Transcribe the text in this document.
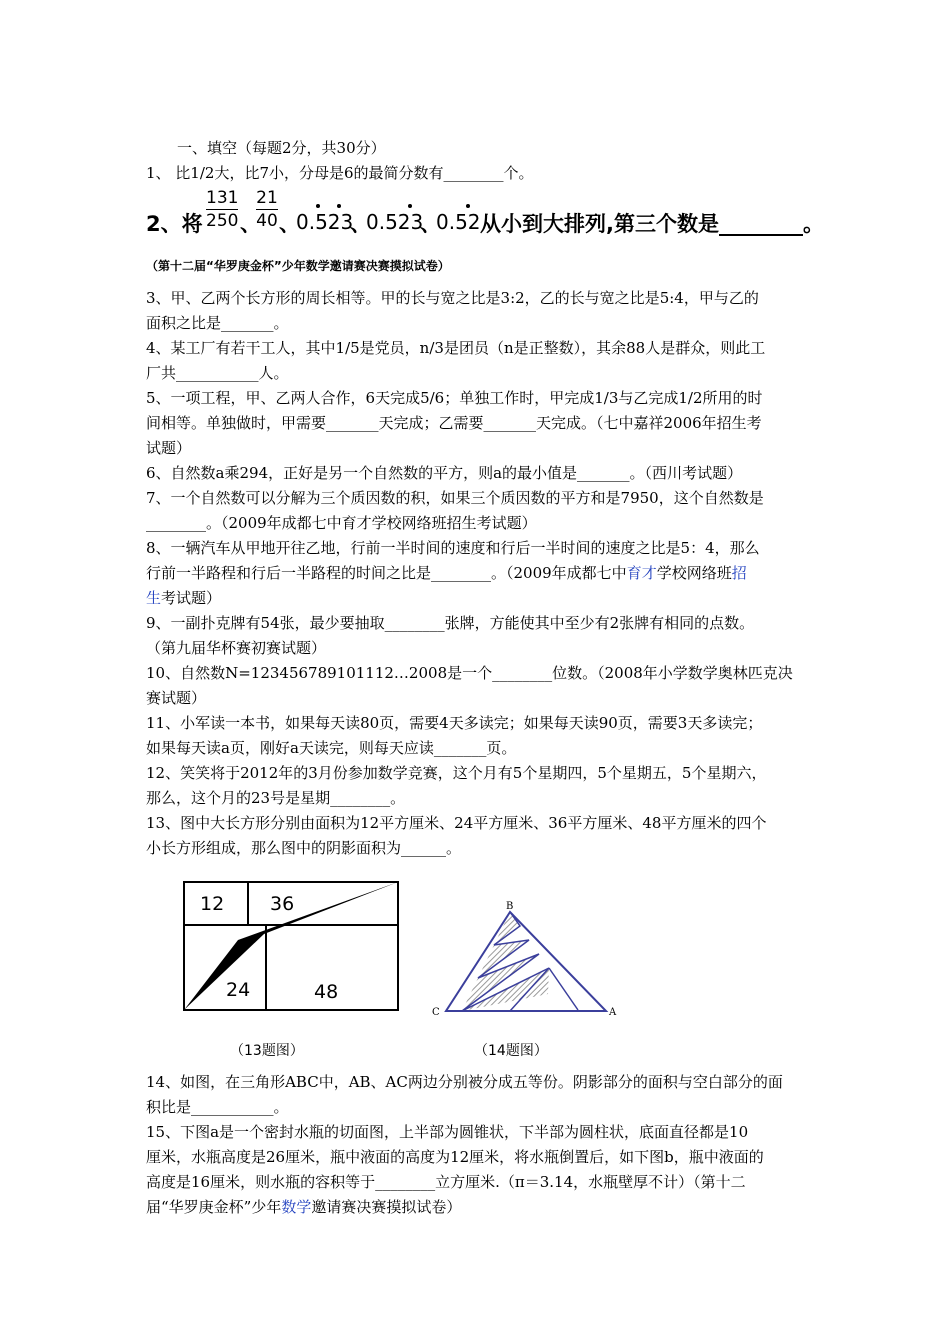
一、填空（每题2分，共30分）
1、 比1/2大，比7小，分母是6的最简分数有________个。
2、将
131
250 、
21
40 、
0.523
、
0.523
、
0.52 从小到大排列,第三个数是________。
（第十二届“华罗庚金杯”少年数学邀请赛决赛摸拟试卷）
3、甲、乙两个长方形的周长相等。甲的长与宽之比是3:2，乙的长与宽之比是5:4，甲与乙的
面积之比是_______。
4、某工厂有若干工人，其中1/5是党员，n/3是团员（n是正整数），其余88人是群众，则此工
厂共___________人。
5、一项工程，甲、乙两人合作，6天完成5/6；单独工作时，甲完成1/3与乙完成1/2所用的时
间相等。单独做时，甲需要_______天完成；乙需要_______天完成。（七中嘉祥2006年招生考
试题）
6、自然数a乘294，正好是另一个自然数的平方，则a的最小值是_______。（西川考试题）
7、一个自然数可以分解为三个质因数的积，如果三个质因数的平方和是7950，这个自然数是
________。（2009年成都七中育才学校网络班招生考试题）
8、一辆汽车从甲地开往乙地，行前一半时间的速度和行后一半时间的速度之比是5：4，那么
行前一半路程和行后一半路程的时间之比是________。（2009年成都七中育才学校网络班招
生考试题）
9、一副扑克牌有54张，最少要抽取________张牌，方能使其中至少有2张牌有相同的点数。
（第九届华杯赛初赛试题）
10、自然数N=123456789101112…2008是一个________位数。（2008年小学数学奥林匹克决
赛试题）
11、小军读一本书，如果每天读80页，需要4天多读完；如果每天读90页，需要3天多读完；
如果每天读a页，刚好a天读完，则每天应读_______页。
12、笑笑将于2012年的3月份参加数学竞赛，这个月有5个星期四，5个星期五，5个星期六，
那么，这个月的23号是星期________。
13、图中大长方形分别由面积为12平方厘米、24平方厘米、36平方厘米、48平方厘米的四个
小长方形组成，那么图中的阴影面积为______。
12 36
24	48
B
C	A
（13题图）	（14题图）
14、如图，在三角形ABC中，AB、AC两边分别被分成五等份。阴影部分的面积与空白部分的面
积比是___________。
15、下图a是一个密封水瓶的切面图，上半部为圆锥状，下半部为圆柱状，底面直径都是10
厘米，水瓶高度是26厘米，瓶中液面的高度为12厘米，将水瓶倒置后，如下图b，瓶中液面的
高度是16厘米，则水瓶的容积等于________立方厘米.（π＝3.14，水瓶壁厚不计）（第十二
届“华罗庚金杯”少年数学邀请赛决赛摸拟试卷）
